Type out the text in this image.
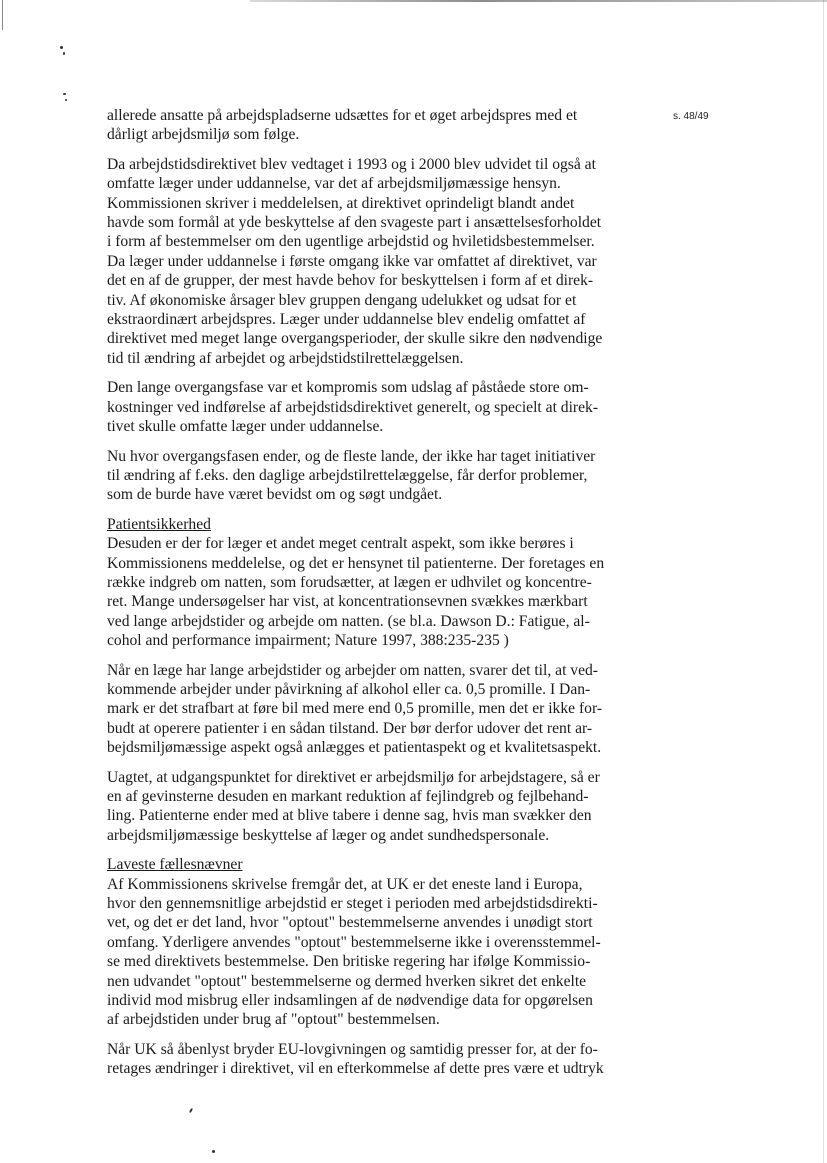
s. 48/49

allerede ansatte på arbejdspladserne udsættes for et øget arbejdspres med et
dårligt arbejdsmiljø som følge.

Da arbejdstidsdirektivet blev vedtaget i 1993 og i 2000 blev udvidet til også at
omfatte læger under uddannelse, var det af arbejdsmiljømæssige hensyn.
Kommissionen skriver i meddelelsen, at direktivet oprindeligt blandt andet
havde som formål at yde beskyttelse af den svageste part i ansættelsesforholdet
i form af bestemmelser om den ugentlige arbejdstid og hviletidsbestemmelser.
Da læger under uddannelse i første omgang ikke var omfattet af direktivet, var
det en af de grupper, der mest havde behov for beskyttelsen i form af et direk-
tiv. Af økonomiske årsager blev gruppen dengang udelukket og udsat for et
ekstraordinært arbejdspres. Læger under uddannelse blev endelig omfattet af
direktivet med meget lange overgangsperioder, der skulle sikre den nødvendige
tid til ændring af arbejdet og arbejdstidstilrettelæggelsen.

Den lange overgangsfase var et kompromis som udslag af påståede store om-
kostninger ved indførelse af arbejdstidsdirektivet generelt, og specielt at direk-
tivet skulle omfatte læger under uddannelse.

Nu hvor overgangsfasen ender, og de fleste lande, der ikke har taget initiativer
til ændring af f.eks. den daglige arbejdstilrettelæggelse, får derfor problemer,
som de burde have været bevidst om og søgt undgået.

Patientsikkerhed
Desuden er der for læger et andet meget centralt aspekt, som ikke berøres i
Kommissionens meddelelse, og det er hensynet til patienterne. Der foretages en
række indgreb om natten, som forudsætter, at lægen er udhvilet og koncentre-
ret. Mange undersøgelser har vist, at koncentrationsevnen svækkes mærkbart
ved lange arbejdstider og arbejde om natten. (se bl.a. Dawson D.: Fatigue, al-
cohol and performance impairment; Nature 1997, 388:235-235 )

Når en læge har lange arbejdstider og arbejder om natten, svarer det til, at ved-
kommende arbejder under påvirkning af alkohol eller ca. 0,5 promille. I Dan-
mark er det strafbart at føre bil med mere end 0,5 promille, men det er ikke for-
budt at operere patienter i en sådan tilstand. Der bør derfor udover det rent ar-
bejdsmiljømæssige aspekt også anlægges et patientaspekt og et kvalitetsaspekt.

Uagtet, at udgangspunktet for direktivet er arbejdsmiljø for arbejdstagere, så er
en af gevinsterne desuden en markant reduktion af fejlindgreb og fejlbehand-
ling. Patienterne ender med at blive tabere i denne sag, hvis man svækker den
arbejdsmiljømæssige beskyttelse af læger og andet sundhedspersonale.

Laveste fællesnævner
Af Kommissionens skrivelse fremgår det, at UK er det eneste land i Europa,
hvor den gennemsnitlige arbejdstid er steget i perioden med arbejdstidsdirekti-
vet, og det er det land, hvor "optout" bestemmelserne anvendes i unødigt stort
omfang. Yderligere anvendes "optout" bestemmelserne ikke i overensstemmel-
se med direktivets bestemmelse. Den britiske regering har ifølge Kommissio-
nen udvandet "optout" bestemmelserne og dermed hverken sikret det enkelte
individ mod misbrug eller indsamlingen af de nødvendige data for opgørelsen
af arbejdstiden under brug af "optout" bestemmelsen.

Når UK så åbenlyst bryder EU-lovgivningen og samtidig presser for, at der fo-
retages ændringer i direktivet, vil en efterkommelse af dette pres være et udtryk
